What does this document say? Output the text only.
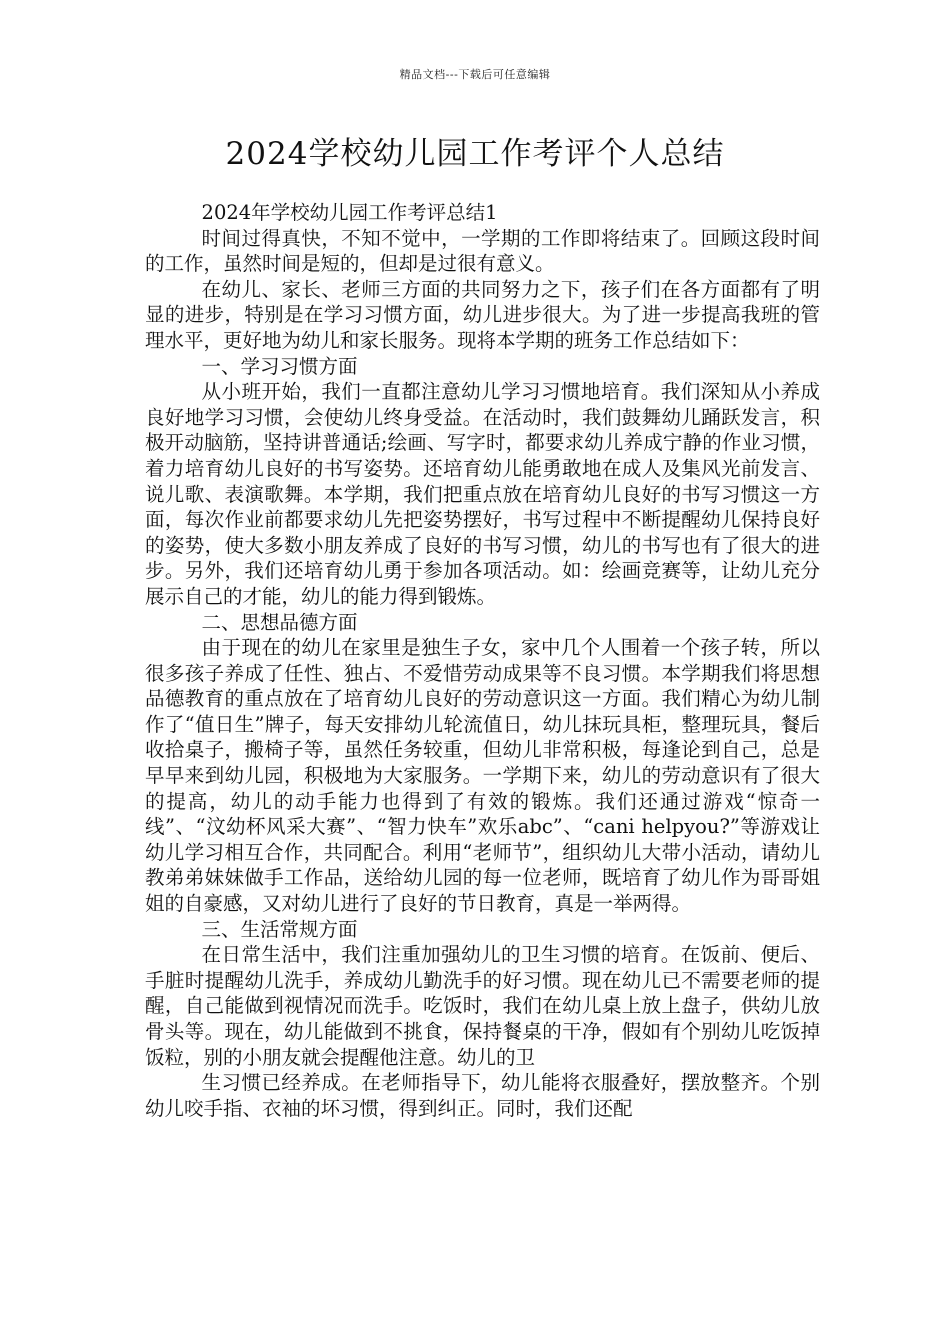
精品文档---下载后可任意编辑
2024学校幼儿园工作考评个人总结

2024年学校幼儿园工作考评总结1

时间过得真快，不知不觉中，一学期的工作即将结束了。回顾这段时间的工作，虽然时间是短的，但却是过很有意义。

在幼儿、家长、老师三方面的共同努力之下，孩子们在各方面都有了明显的进步，特别是在学习习惯方面，幼儿进步很大。为了进一步提高我班的管理水平，更好地为幼儿和家长服务。现将本学期的班务工作总结如下：

一、学习习惯方面

从小班开始，我们一直都注意幼儿学习习惯地培育。我们深知从小养成良好地学习习惯，会使幼儿终身受益。在活动时，我们鼓舞幼儿踊跃发言，积极开动脑筋，坚持讲普通话;绘画、写字时，都要求幼儿养成宁静的作业习惯，着力培育幼儿良好的书写姿势。还培育幼儿能勇敢地在成人及集风光前发言、说儿歌、表演歌舞。本学期，我们把重点放在培育幼儿良好的书写习惯这一方面，每次作业前都要求幼儿先把姿势摆好，书写过程中不断提醒幼儿保持良好的姿势，使大多数小朋友养成了良好的书写习惯，幼儿的书写也有了很大的进步。另外，我们还培育幼儿勇于参加各项活动。如：绘画竞赛等，让幼儿充分展示自己的才能，幼儿的能力得到锻炼。

二、思想品德方面

由于现在的幼儿在家里是独生子女，家中几个人围着一个孩子转，所以很多孩子养成了任性、独占、不爱惜劳动成果等不良习惯。本学期我们将思想品德教育的重点放在了培育幼儿良好的劳动意识这一方面。我们精心为幼儿制作了“值日生”牌子，每天安排幼儿轮流值日，幼儿抹玩具柜，整理玩具，餐后收拾桌子，搬椅子等，虽然任务较重，但幼儿非常积极，每逢论到自己，总是早早来到幼儿园，积极地为大家服务。一学期下来，幼儿的劳动意识有了很大的提高，幼儿的动手能力也得到了有效的锻炼。我们还通过游戏“惊奇一线”、“汶幼杯风采大赛”、“智力快车”欢乐abc”、“cani helpyou?”等游戏让幼儿学习相互合作，共同配合。利用“老师节”，组织幼儿大带小活动，请幼儿教弟弟妹妹做手工作品，送给幼儿园的每一位老师，既培育了幼儿作为哥哥姐姐的自豪感，又对幼儿进行了良好的节日教育，真是一举两得。

三、生活常规方面

在日常生活中，我们注重加强幼儿的卫生习惯的培育。在饭前、便后、手脏时提醒幼儿洗手，养成幼儿勤洗手的好习惯。现在幼儿已不需要老师的提醒，自己能做到视情况而洗手。吃饭时，我们在幼儿桌上放上盘子，供幼儿放骨头等。现在，幼儿能做到不挑食，保持餐桌的干净，假如有个别幼儿吃饭掉饭粒，别的小朋友就会提醒他注意。幼儿的卫

生习惯已经养成。在老师指导下，幼儿能将衣服叠好，摆放整齐。个别幼儿咬手指、衣袖的坏习惯，得到纠正。同时，我们还配
